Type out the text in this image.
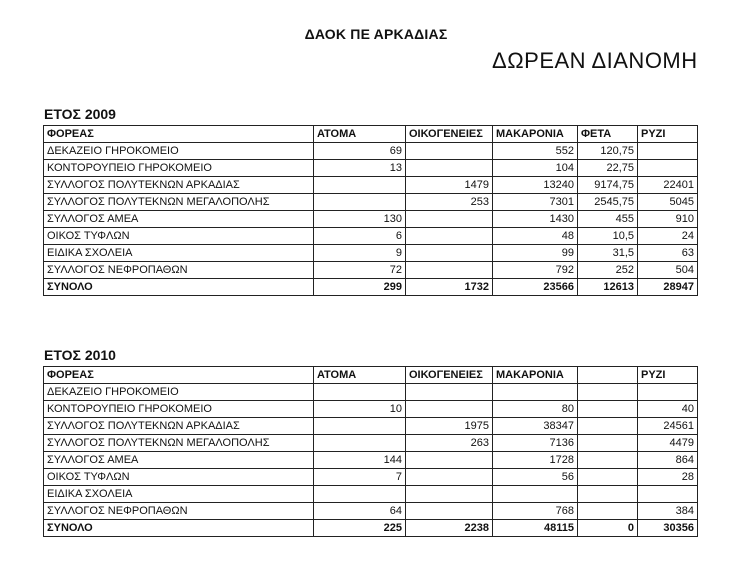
ΔΑΟΚ ΠΕ ΑΡΚΑΔΙΑΣ
ΔΩΡΕΑΝ ΔΙΑΝΟΜΗ
ΕΤΟΣ 2009
ΦΟΡΕΑΣ	ΑΤΟΜΑ	ΟΙΚΟΓΕΝΕΙΕΣ	ΜΑΚΑΡΟΝΙΑ	ΦΕΤΑ	ΡΥΖΙ
ΔΕΚΑΖΕΙΟ ΓΗΡΟΚΟΜΕΙΟ	69		552	120,75	
ΚΟΝΤΟΡΟΥΠΕΙΟ ΓΗΡΟΚΟΜΕΙΟ	13		104	22,75	
ΣΥΛΛΟΓΟΣ ΠΟΛΥΤΕΚΝΩΝ ΑΡΚΑΔΙΑΣ		1479	13240	9174,75	22401
ΣΥΛΛΟΓΟΣ ΠΟΛΥΤΕΚΝΩΝ ΜΕΓΑΛΟΠΟΛΗΣ		253	7301	2545,75	5045
ΣΥΛΛΟΓΟΣ ΑΜΕΑ	130		1430	455	910
ΟΙΚΟΣ ΤΥΦΛΩΝ	6		48	10,5	24
ΕΙΔΙΚΑ ΣΧΟΛΕΙΑ	9		99	31,5	63
ΣΥΛΛΟΓΟΣ ΝΕΦΡΟΠΑΘΩΝ	72		792	252	504
ΣΥΝΟΛΟ	299	1732	23566	12613	28947
ΕΤΟΣ 2010
ΦΟΡΕΑΣ	ΑΤΟΜΑ	ΟΙΚΟΓΕΝΕΙΕΣ	ΜΑΚΑΡΟΝΙΑ		ΡΥΖΙ
ΔΕΚΑΖΕΙΟ ΓΗΡΟΚΟΜΕΙΟ					
ΚΟΝΤΟΡΟΥΠΕΙΟ ΓΗΡΟΚΟΜΕΙΟ	10		80		40
ΣΥΛΛΟΓΟΣ ΠΟΛΥΤΕΚΝΩΝ ΑΡΚΑΔΙΑΣ		1975	38347		24561
ΣΥΛΛΟΓΟΣ ΠΟΛΥΤΕΚΝΩΝ ΜΕΓΑΛΟΠΟΛΗΣ		263	7136		4479
ΣΥΛΛΟΓΟΣ ΑΜΕΑ	144		1728		864
ΟΙΚΟΣ ΤΥΦΛΩΝ	7		56		28
ΕΙΔΙΚΑ ΣΧΟΛΕΙΑ					
ΣΥΛΛΟΓΟΣ ΝΕΦΡΟΠΑΘΩΝ	64		768		384
ΣΥΝΟΛΟ	225	2238	48115	0	30356
